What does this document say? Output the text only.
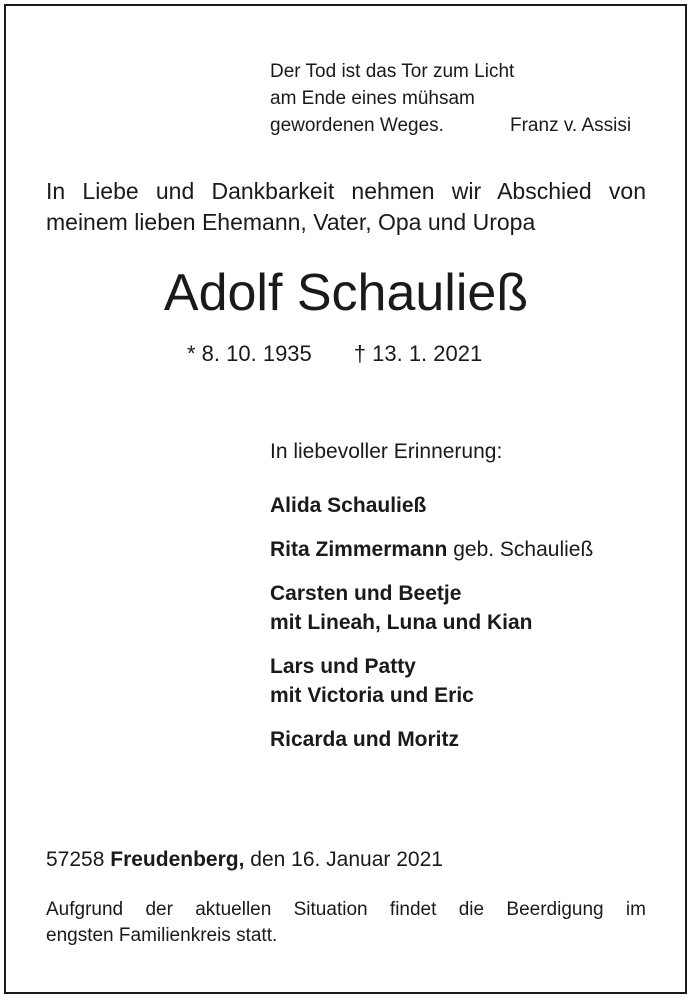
Der Tod ist das Tor zum Licht
am Ende eines mühsam
gewordenen Weges.	Franz v. Assisi
In Liebe und Dankbarkeit nehmen wir Abschied von
meinem lieben Ehemann, Vater, Opa und Uropa
Adolf Schauließ
* 8. 10. 1935 † 13. 1. 2021
In liebevoller Erinnerung:
Alida Schauließ
Rita Zimmermann geb. Schauließ
Carsten und Beetje
mit Lineah, Luna und Kian
Lars und Patty
mit Victoria und Eric
Ricarda und Moritz
57258 Freudenberg, den 16. Januar 2021
Aufgrund der aktuellen Situation findet die Beerdigung im
engsten Familienkreis statt.
